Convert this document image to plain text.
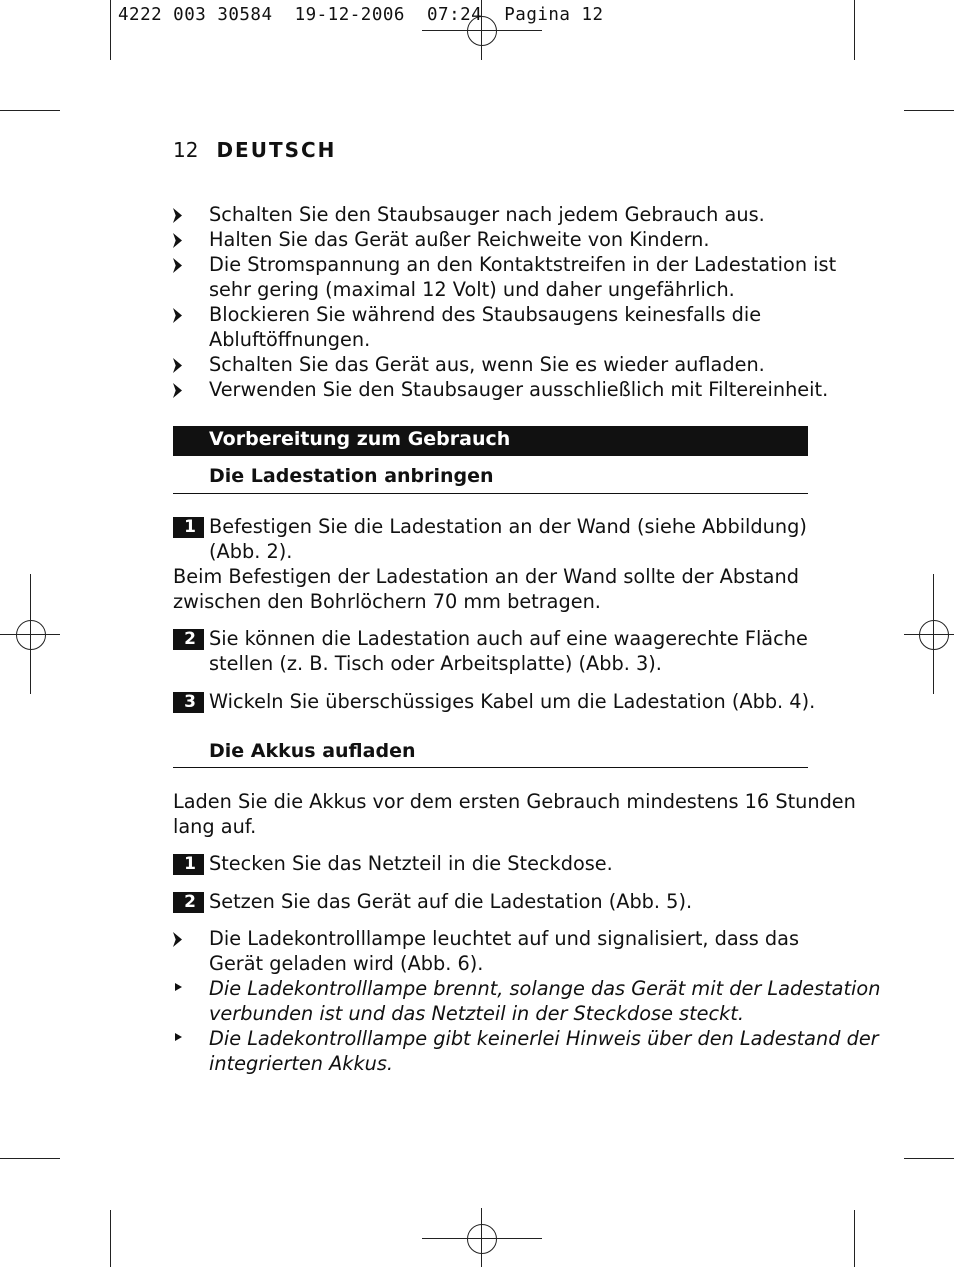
4222 003 30584  19-12-2006  07:24  Pagina 12
12 DEUTSCH
Schalten Sie den Staubsauger nach jedem Gebrauch aus.
Halten Sie das Gerät außer Reichweite von Kindern.
Die Stromspannung an den Kontaktstreifen in der Ladestation ist
sehr gering (maximal 12 Volt) und daher ungefährlich.
Blockieren Sie während des Staubsaugens keinesfalls die
Abluftöffnungen.
Schalten Sie das Gerät aus, wenn Sie es wieder aufladen.
Verwenden Sie den Staubsauger ausschließlich mit Filtereinheit.
Vorbereitung zum Gebrauch
Die Ladestation anbringen
1 Befestigen Sie die Ladestation an der Wand (siehe Abbildung)
(Abb. 2).
Beim Befestigen der Ladestation an der Wand sollte der Abstand
zwischen den Bohrlöchern 70 mm betragen.
2 Sie können die Ladestation auch auf eine waagerechte Fläche
stellen (z. B. Tisch oder Arbeitsplatte) (Abb. 3).
3 Wickeln Sie überschüssiges Kabel um die Ladestation (Abb. 4).
Die Akkus aufladen
Laden Sie die Akkus vor dem ersten Gebrauch mindestens 16 Stunden
lang auf.
1 Stecken Sie das Netzteil in die Steckdose.
2 Setzen Sie das Gerät auf die Ladestation (Abb. 5).
Die Ladekontrolllampe leuchtet auf und signalisiert, dass das
Gerät geladen wird (Abb. 6).
Die Ladekontrolllampe brennt, solange das Gerät mit der Ladestation
verbunden ist und das Netzteil in der Steckdose steckt.
Die Ladekontrolllampe gibt keinerlei Hinweis über den Ladestand der
integrierten Akkus.
